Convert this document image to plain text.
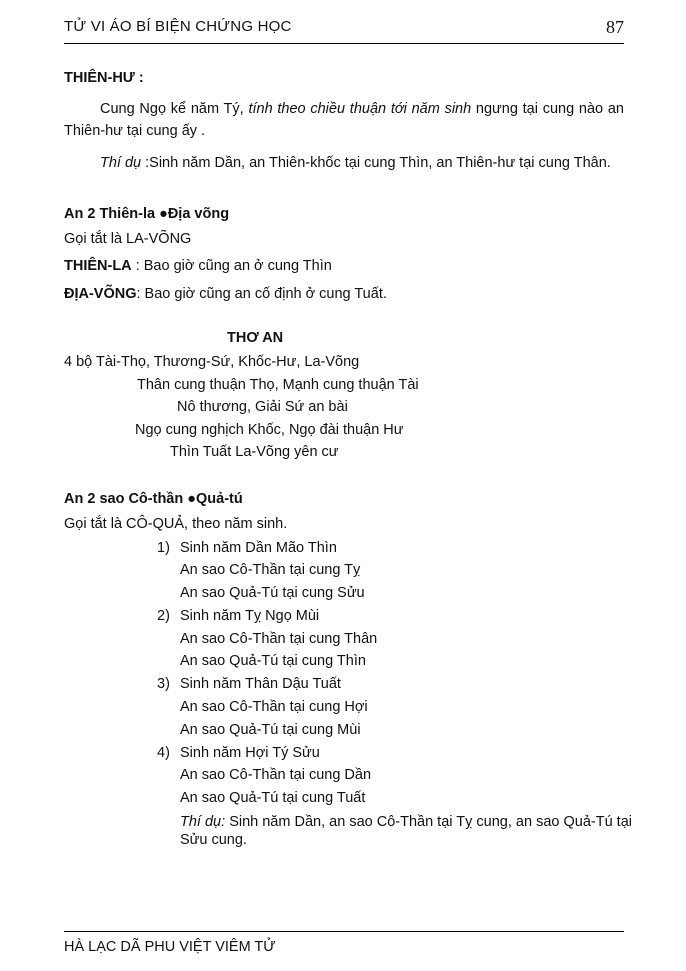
TỬ VI ÁO BÍ BIỆN CHỨNG HỌC	87
THIÊN-HƯ :

Cung Ngọ kể năm Tý, tính theo chiều thuận tới năm sinh ngưng tại cung nào an Thiên-hư tại cung ấy .

Thí dụ :Sinh năm Dần, an Thiên-khốc tại cung Thìn, an Thiên-hư tại cung Thân.
An 2 Thiên-la ●Địa võng
Gọi tắt là LA-VÕNG
THIÊN-LA : Bao giờ cũng an ở cung Thìn
ĐỊA-VÕNG: Bao giờ cũng an cố định ở cung Tuất.
THƠ AN
4 bộ Tài-Thọ, Thương-Sứ, Khốc-Hư, La-Võng
Thân cung thuận Thọ, Mạnh cung thuận Tài
Nô thương, Giải Sứ an bài
Ngọ cung nghịch Khốc, Ngọ đài thuận Hư
Thìn Tuất La-Võng yên cư
An 2 sao Cô-thần ●Quả-tú
Gọi tắt là CÔ-QUẢ, theo năm sinh.
1) Sinh năm Dần Mão Thìn
An sao Cô-Thần tại cung Tỵ
An sao Quả-Tú tại cung Sửu
2) Sinh năm Tỵ Ngọ Mùi
An sao Cô-Thần tại cung Thân
An sao Quả-Tú tại cung Thìn
3) Sinh năm Thân Dậu Tuất
An sao Cô-Thần tại cung Hợi
An sao Quả-Tú tại cung Mùi
4) Sinh năm Hợi Tý Sửu
An sao Cô-Thần tại cung Dần
An sao Quả-Tú tại cung Tuất
Thí dụ: Sinh năm Dần, an sao Cô-Thần tại Tỵ cung, an sao Quả-Tú tại Sửu cung.
HÀ LẠC DÃ PHU VIỆT VIÊM TỬ
